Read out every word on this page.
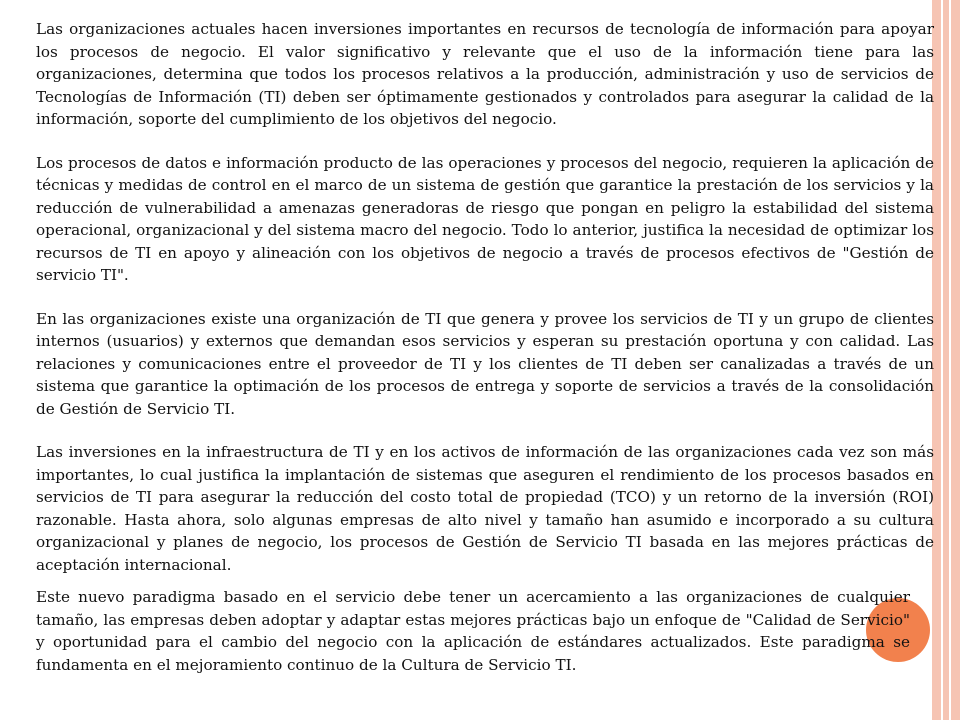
Las organizaciones actuales hacen inversiones importantes en recursos de tecnología de información para apoyar los procesos de negocio. El valor significativo y relevante que el uso de la información tiene para las organizaciones, determina que todos los procesos relativos a la producción, administración y uso de servicios de Tecnologías de Información (TI) deben ser óptimamente gestionados y controlados para asegurar la calidad de la información, soporte del cumplimiento de los objetivos del negocio.

Los procesos de datos e información producto de las operaciones y procesos del negocio, requieren la aplicación de técnicas y medidas de control en el marco de un sistema de gestión que garantice la prestación de los servicios y la reducción de vulnerabilidad a amenazas generadoras de riesgo que pongan en peligro la estabilidad del sistema operacional, organizacional y del sistema macro del negocio. Todo lo anterior, justifica la necesidad de optimizar los recursos de TI en apoyo y alineación con los objetivos de negocio a través de procesos efectivos de "Gestión de servicio TI".

En las organizaciones existe una organización de TI que genera y provee los servicios de TI y un grupo de clientes internos (usuarios) y externos que demandan esos servicios y esperan su prestación oportuna y con calidad. Las relaciones y comunicaciones entre el proveedor de TI y los clientes de TI deben ser canalizadas a través de un sistema que garantice la optimación de los procesos de entrega y soporte de servicios a través de la consolidación de Gestión de Servicio TI.

Las inversiones en la infraestructura de TI y en los activos de información de las organizaciones cada vez son más importantes, lo cual justifica la implantación de sistemas que aseguren el rendimiento de los procesos basados en servicios de TI para asegurar la reducción del costo total de propiedad (TCO) y un retorno de la inversión (ROI) razonable. Hasta ahora, solo algunas empresas de alto nivel y tamaño han asumido e incorporado a su cultura organizacional y planes de negocio, los procesos de Gestión de Servicio TI basada en las mejores prácticas de aceptación internacional.

Este nuevo paradigma basado en el servicio debe tener un acercamiento a las organizaciones de cualquier tamaño, las empresas deben adoptar y adaptar estas mejores prácticas bajo un enfoque de "Calidad de Servicio" y oportunidad para el cambio del negocio con la aplicación de estándares actualizados. Este paradigma se fundamenta en el mejoramiento continuo de la Cultura de Servicio TI.
